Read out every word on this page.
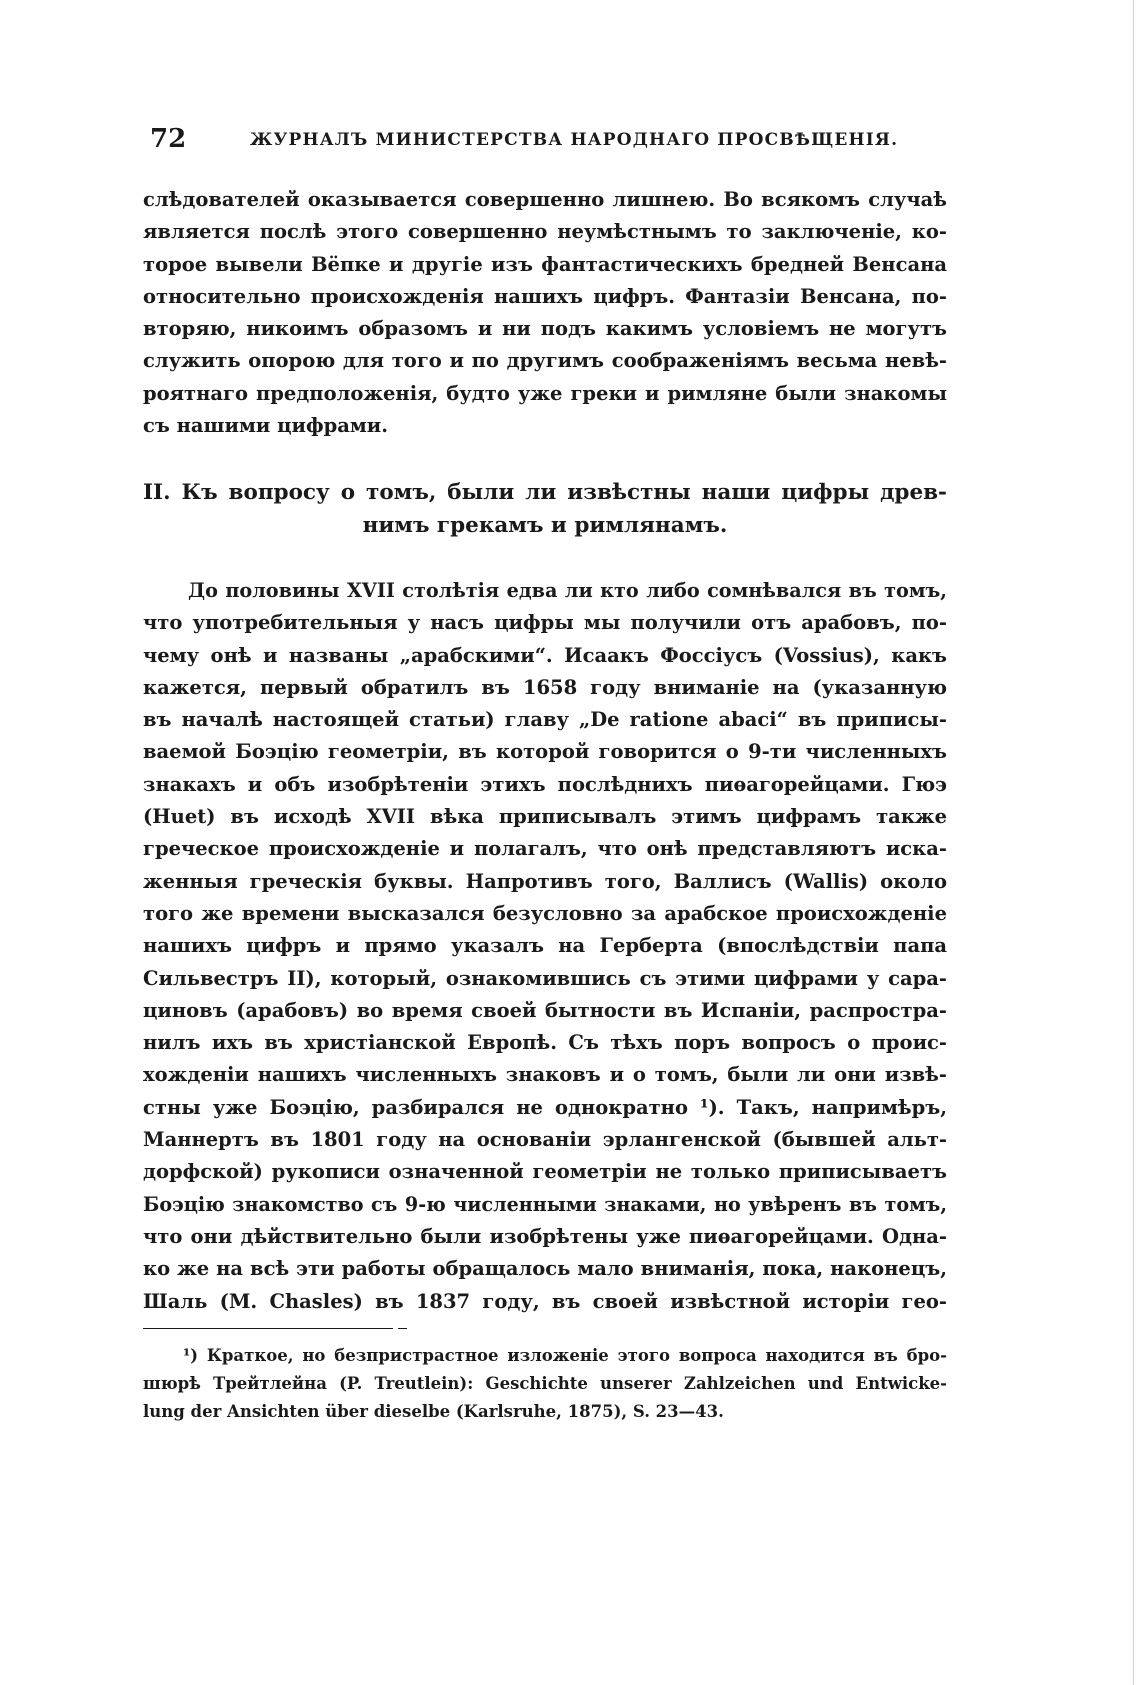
72	ЖУРНАЛЪ МИНИСТЕРСТВА НАРОДНАГО ПРОСВѢЩЕНІЯ.
слѣдователей оказывается совершенно лишнею. Во всякомъ случаѣ
является послѣ этого совершенно неумѣстнымъ то заключеніе, ко-
торое вывели Вёпке и другіе изъ фантастическихъ бредней Венсана
относительно происхожденія нашихъ цифръ. Фантазіи Венсана, по-
вторяю, никоимъ образомъ и ни подъ какимъ условіемъ не могутъ
служить опорою для того и по другимъ соображеніямъ весьма невѣ-
роятнаго предположенія, будто уже греки и римляне были знакомы
съ нашими цифрами.
II. Къ вопросу о томъ, были ли извѣстны наши цифры древ-
нимъ грекамъ и римлянамъ.
До половины XVII столѣтія едва ли кто либо сомнѣвался въ томъ,
что употребительныя у насъ цифры мы получили отъ арабовъ, по-
чему онѣ и названы „арабскими“. Исаакъ Фоссіусъ (Vossius), какъ
кажется, первый обратилъ въ 1658 году вниманіе на (указанную
въ началѣ настоящей статьи) главу „De ratione abaci“ въ приписы-
ваемой Боэцію геометріи, въ которой говорится о 9-ти численныхъ
знакахъ и объ изобрѣтеніи этихъ послѣднихъ пиѳагорейцами. Гюэ
(Huet) въ исходѣ XVII вѣка приписывалъ этимъ цифрамъ также
греческое происхожденіе и полагалъ, что онѣ представляютъ иска-
женныя греческія буквы. Напротивъ того, Валлисъ (Wallis) около
того же времени высказался безусловно за арабское происхожденіе
нашихъ цифръ и прямо указалъ на Герберта (впослѣдствіи папа
Сильвестръ II), который, ознакомившись съ этими цифрами у сара-
циновъ (арабовъ) во время своей бытности въ Испаніи, распростра-
нилъ ихъ въ христіанской Европѣ. Съ тѣхъ поръ вопросъ о проис-
хожденіи нашихъ численныхъ знаковъ и о томъ, были ли они извѣ-
стны уже Боэцію, разбирался не однократно ¹). Такъ, напримѣръ,
Маннертъ въ 1801 году на основаніи эрлангенской (бывшей альт-
дорфской) рукописи означенной геометріи не только приписываетъ
Боэцію знакомство съ 9-ю численными знаками, но увѣренъ въ томъ,
что они дѣйствительно были изобрѣтены уже пиѳагорейцами. Одна-
ко же на всѣ эти работы обращалось мало вниманія, пока, наконецъ,
Шаль (M. Chasles) въ 1837 году, въ своей извѣстной исторіи гео-
¹) Краткое, но безпристрастное изложеніе этого вопроса находится въ бро-
шюрѣ Трейтлейна (P. Treutlein): Geschichte unserer Zahlzeichen und Entwicke-
lung der Ansichten über dieselbe (Karlsruhe, 1875), S. 23—43.
